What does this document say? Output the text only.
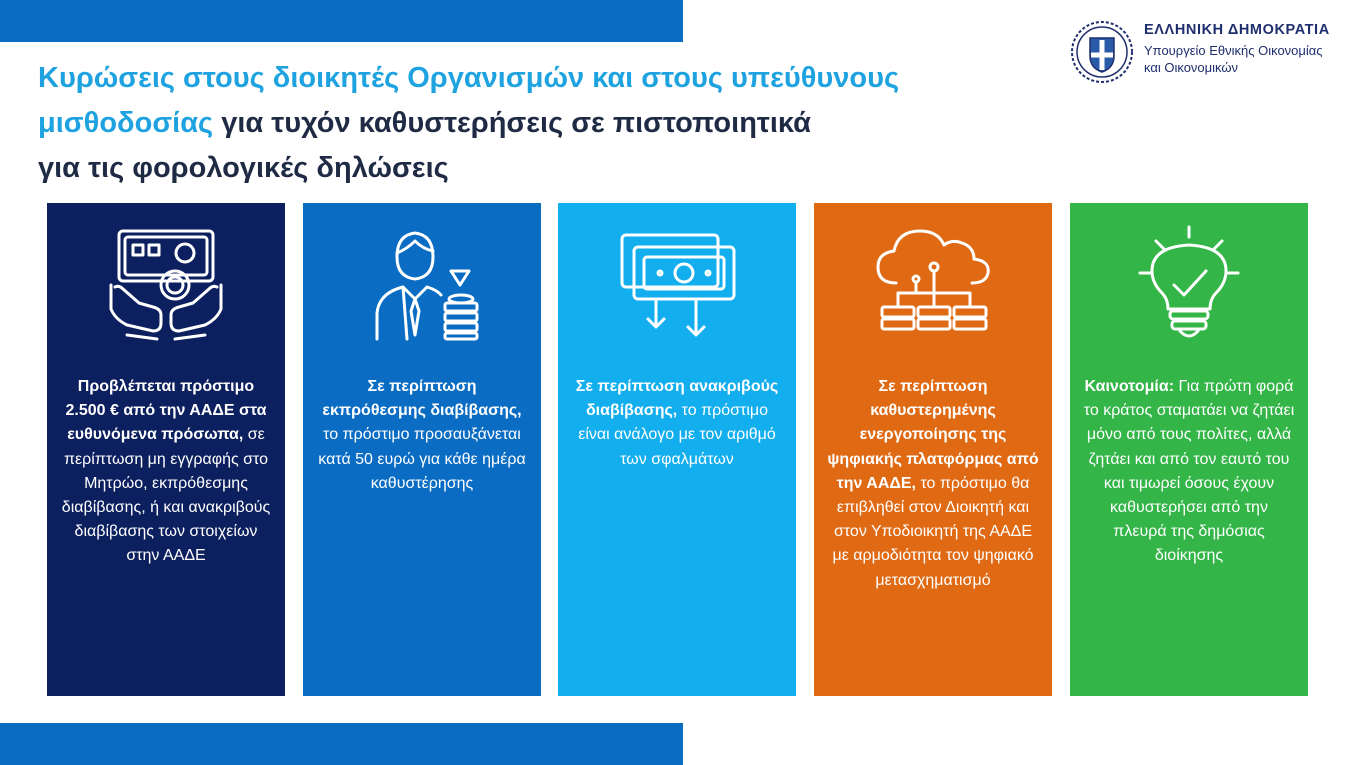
Κυρώσεις στους διοικητές Οργανισμών και στους υπεύθυνους
μισθοδοσίας για τυχόν καθυστερήσεις σε πιστοποιητικά
για τις φορολογικές δηλώσεις
ΕΛΛΗΝΙΚΗ ΔΗΜΟΚΡΑΤΙΑ
Υπουργείο Εθνικής Οικονομίας
και Οικονομικών
Προβλέπεται πρόστιμο 2.500 € από την ΑΑΔΕ στα ευθυνόμενα πρόσωπα, σε περίπτωση μη εγγραφής στο Μητρώο, εκπρόθεσμης διαβίβασης, ή και ανακριβούς διαβίβασης των στοιχείων στην ΑΑΔΕ
Σε περίπτωση εκπρόθεσμης διαβίβασης, το πρόστιμο προσαυξάνεται κατά 50 ευρώ για κάθε ημέρα καθυστέρησης
Σε περίπτωση ανακριβούς διαβίβασης, το πρόστιμο είναι ανάλογο με τον αριθμό των σφαλμάτων
Σε περίπτωση καθυστερημένης ενεργοποίησης της ψηφιακής πλατφόρμας από την ΑΑΔΕ, το πρόστιμο θα επιβληθεί στον Διοικητή και στον Υποδιοικητή της ΑΑΔΕ με αρμοδιότητα τον ψηφιακό μετασχηματισμό
Καινοτομία: Για πρώτη φορά το κράτος σταματάει να ζητάει μόνο από τους πολίτες, αλλά ζητάει και από τον εαυτό του και τιμωρεί όσους έχουν καθυστερήσει από την πλευρά της δημόσιας διοίκησης
